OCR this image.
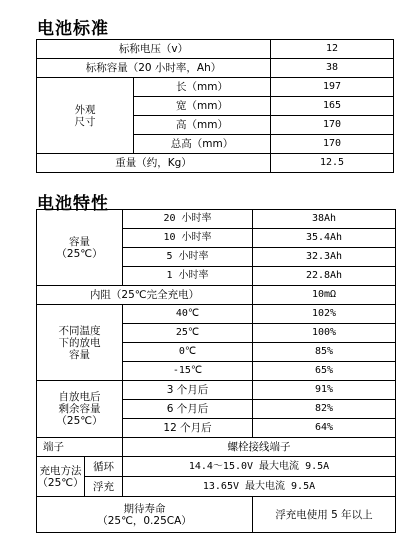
电池标准
标称电压（v）		12
标称容量（20 小时率，Ah）		38

外观
尺寸	长（mm）	197
	宽（mm）	165
	高（mm）	170
	总高（mm）	170
重量（约，Kg）		12.5
电池特性
容量
（25℃）		20 小时率	38Ah
		10 小时率	35.4Ah
		5 小时率	32.3Ah
		1 小时率	22.8Ah
内阻（25℃完全充电）			10mΩ

不同温度
下的放电
容量		40℃	102%
		25℃	100%
		0℃	85%
		-15℃	65%

自放电后
剩余容量
（25℃）		3 个月后	91%
		6 个月后	82%
		12 个月后	64%
端子		螺栓接线端子	

充电方法
（25℃）	循环	14.4～15.0V 最大电流 9.5A	
	浮充	13.65V 最大电流 9.5A	

期待寿命
（25℃，0.25CA）			浮充电使用 5 年以上
